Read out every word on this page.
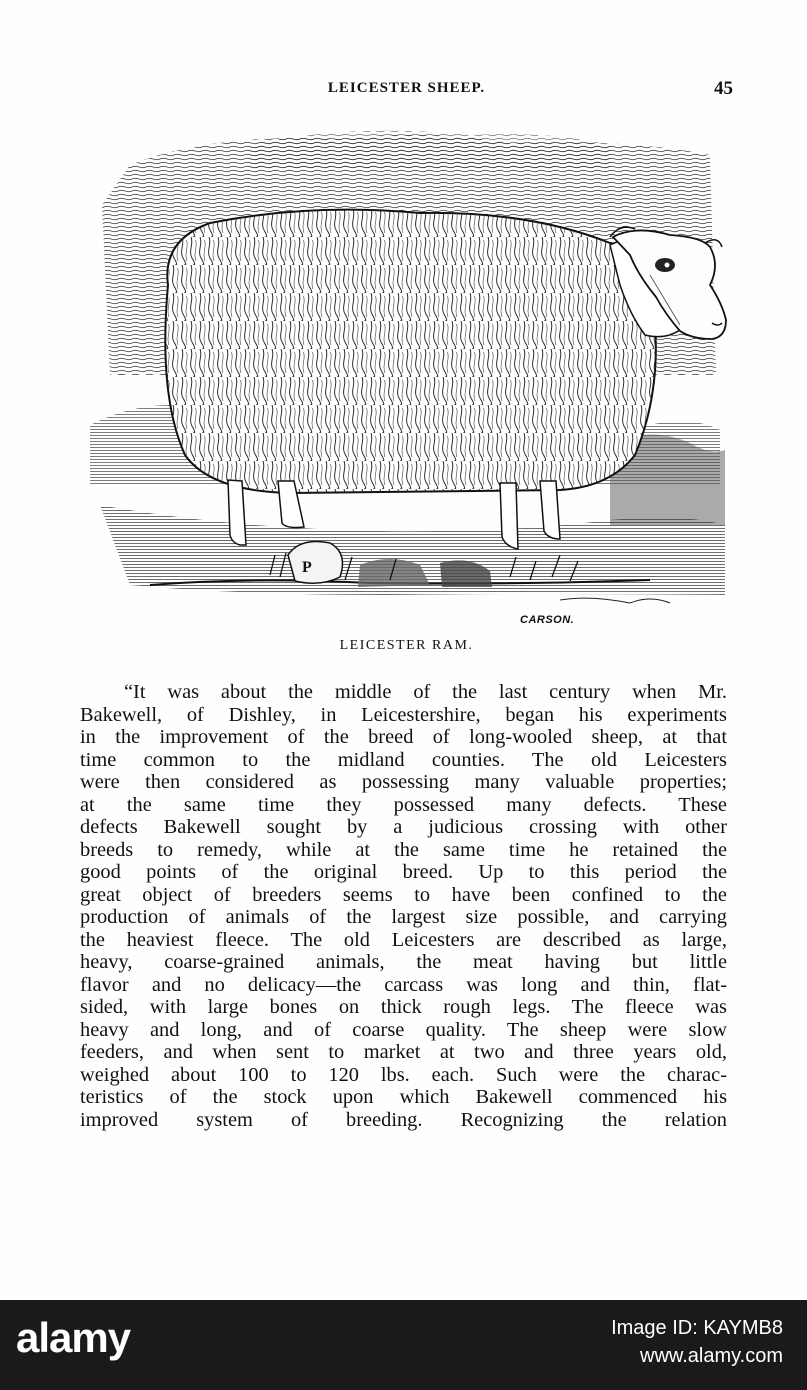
LEICESTER SHEEP.	45
P
CARSON.
LEICESTER RAM.
“It was about the middle of the last century when Mr.
Bakewell, of Dishley, in Leicestershire, began his experiments
in the improvement of the breed of long-wooled sheep, at that
time common to the midland counties. The old Leicesters
were then considered as possessing many valuable properties;
at the same time they possessed many defects. These
defects Bakewell sought by a judicious crossing with other
breeds to remedy, while at the same time he retained the
good points of the original breed. Up to this period the
great object of breeders seems to have been confined to the
production of animals of the largest size possible, and carrying
the heaviest fleece. The old Leicesters are described as large,
heavy, coarse-grained animals, the meat having but little
flavor and no delicacy—the carcass was long and thin, flat-
sided, with large bones on thick rough legs. The fleece was
heavy and long, and of coarse quality. The sheep were slow
feeders, and when sent to market at two and three years old,
weighed about 100 to 120 lbs. each. Such were the charac-
teristics of the stock upon which Bakewell commenced his
improved system of breeding. Recognizing the relation
alamy	Image ID: KAYMB8
www.alamy.com
